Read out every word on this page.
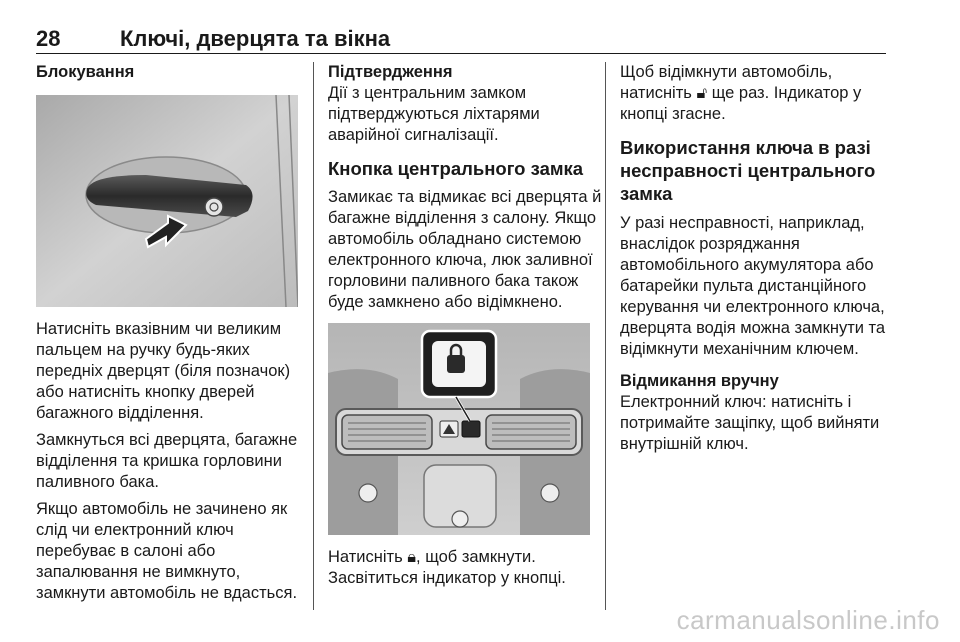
28	Ключі, дверцята та вікна

Блокування

Натисніть вказівним чи великим
пальцем на ручку будь-яких
передніх дверцят (біля позначок)
або натисніть кнопку дверей
багажного відділення.

Замкнуться всі дверцята, багажне
відділення та кришка горловини
паливного бака.

Якщо автомобіль не зачинено як
слід чи електронний ключ
перебуває в салоні або
запалювання не вимкнуто,
замкнути автомобіль не вдасться.

Підтвердження

Дії з центральним замком
підтверджуються ліхтарями
аварійної сигналізації.

Кнопка центрального замка

Замикає та відмикає всі дверцята й
багажне відділення з салону. Якщо
автомобіль обладнано системою
електронного ключа, люк заливної
горловини паливного бака також
буде замкнено або відімкнено.

Натисніть 🔒︎, щоб замкнути.
Засвітиться індикатор у кнопці.

Щоб відімкнути автомобіль,
натисніть 🔓︎ ще раз. Індикатор у
кнопці згасне.

Використання ключа в разі
несправності центрального
замка

У разі несправності, наприклад,
внаслідок розряджання
автомобільного акумулятора або
батарейки пульта дистанційного
керування чи електронного ключа,
дверцята водія можна замкнути та
відімкнути механічним ключем.

Відмикання вручну

Електронний ключ: натисніть і
потримайте защіпку, щоб вийняти
внутрішній ключ.

carmanualsonline.info
